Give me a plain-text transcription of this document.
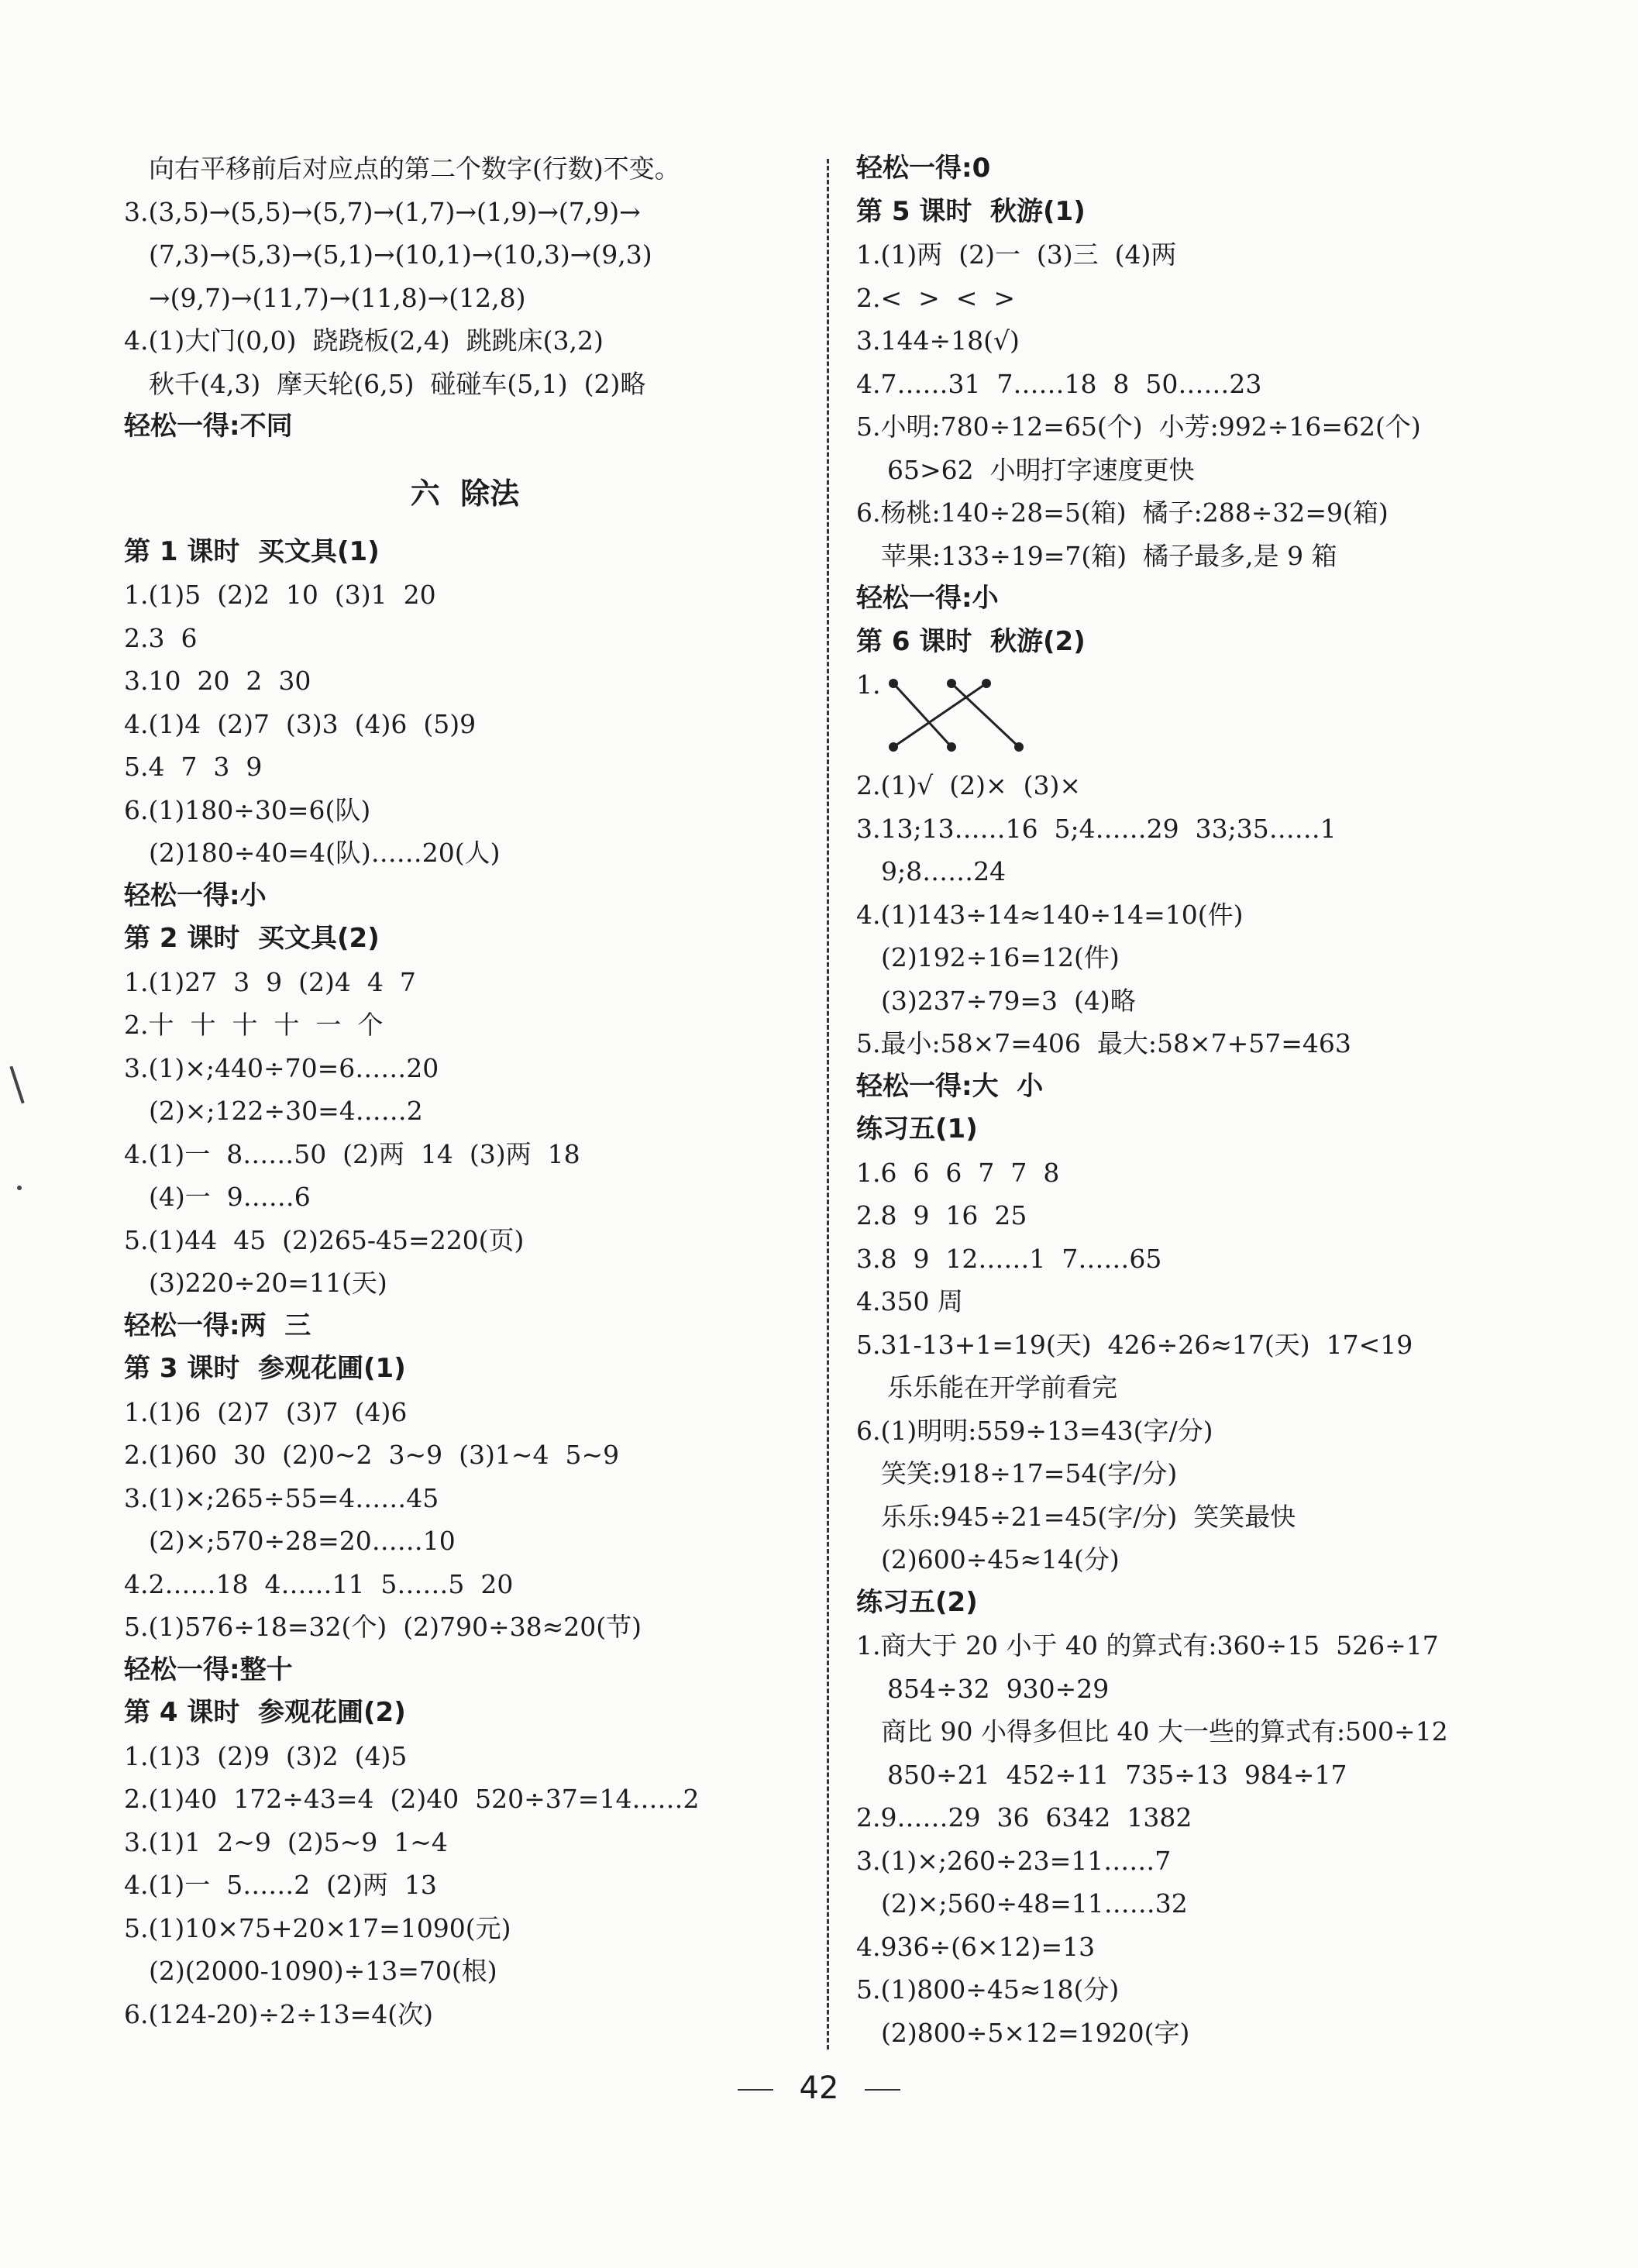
向右平移前后对应点的第二个数字(行数)不变。
3.(3,5)→(5,5)→(5,7)→(1,7)→(1,9)→(7,9)→
(7,3)→(5,3)→(5,1)→(10,1)→(10,3)→(9,3)
→(9,7)→(11,7)→(11,8)→(12,8)
4.(1)大门(0,0)  跷跷板(2,4)  跳跳床(3,2)
秋千(4,3)  摩天轮(6,5)  碰碰车(5,1)  (2)略
轻松一得:不同
六  除法
第 1 课时  买文具(1)
1.(1)5  (2)2  10  (3)1  20
2.3  6
3.10  20  2  30
4.(1)4  (2)7  (3)3  (4)6  (5)9
5.4  7  3  9
6.(1)180÷30=6(队)
(2)180÷40=4(队)……20(人)
轻松一得:小
第 2 课时  买文具(2)
1.(1)27  3  9  (2)4  4  7
2.十  十  十  十  一  个
3.(1)×;440÷70=6……20
(2)×;122÷30=4……2
4.(1)一  8……50  (2)两  14  (3)两  18
(4)一  9……6
5.(1)44  45  (2)265-45=220(页)
(3)220÷20=11(天)
轻松一得:两  三
第 3 课时  参观花圃(1)
1.(1)6  (2)7  (3)7  (4)6
2.(1)60  30  (2)0~2  3~9  (3)1~4  5~9
3.(1)×;265÷55=4……45
(2)×;570÷28=20……10
4.2……18  4……11  5……5  20
5.(1)576÷18=32(个)  (2)790÷38≈20(节)
轻松一得:整十
第 4 课时  参观花圃(2)
1.(1)3  (2)9  (3)2  (4)5
2.(1)40  172÷43=4  (2)40  520÷37=14……2
3.(1)1  2~9  (2)5~9  1~4
4.(1)一  5……2  (2)两  13
5.(1)10×75+20×17=1090(元)
(2)(2000-1090)÷13=70(根)
6.(124-20)÷2÷13=4(次)
轻松一得:0
第 5 课时  秋游(1)
1.(1)两  (2)一  (3)三  (4)两
2.<  >  <  >
3.144÷18(√)
4.7……31  7……18  8  50……23
5.小明:780÷12=65(个)  小芳:992÷16=62(个)
65>62  小明打字速度更快
6.杨桃:140÷28=5(箱)  橘子:288÷32=9(箱)
苹果:133÷19=7(箱)  橘子最多,是 9 箱
轻松一得:小
第 6 课时  秋游(2)
1.
2.(1)√  (2)×  (3)×
3.13;13……16  5;4……29  33;35……1
9;8……24
4.(1)143÷14≈140÷14=10(件)
(2)192÷16=12(件)
(3)237÷79=3  (4)略
5.最小:58×7=406  最大:58×7+57=463
轻松一得:大  小
练习五(1)
1.6  6  6  7  7  8
2.8  9  16  25
3.8  9  12……1  7……65
4.350 周
5.31-13+1=19(天)  426÷26≈17(天)  17<19
乐乐能在开学前看完
6.(1)明明:559÷13=43(字/分)
笑笑:918÷17=54(字/分)
乐乐:945÷21=45(字/分)  笑笑最快
(2)600÷45≈14(分)
练习五(2)
1.商大于 20 小于 40 的算式有:360÷15  526÷17
854÷32  930÷29
商比 90 小得多但比 40 大一些的算式有:500÷12
850÷21  452÷11  735÷13  984÷17
2.9……29  36  6342  1382
3.(1)×;260÷23=11……7
(2)×;560÷48=11……32
4.936÷(6×12)=13
5.(1)800÷45≈18(分)
(2)800÷5×12=1920(字)
42
